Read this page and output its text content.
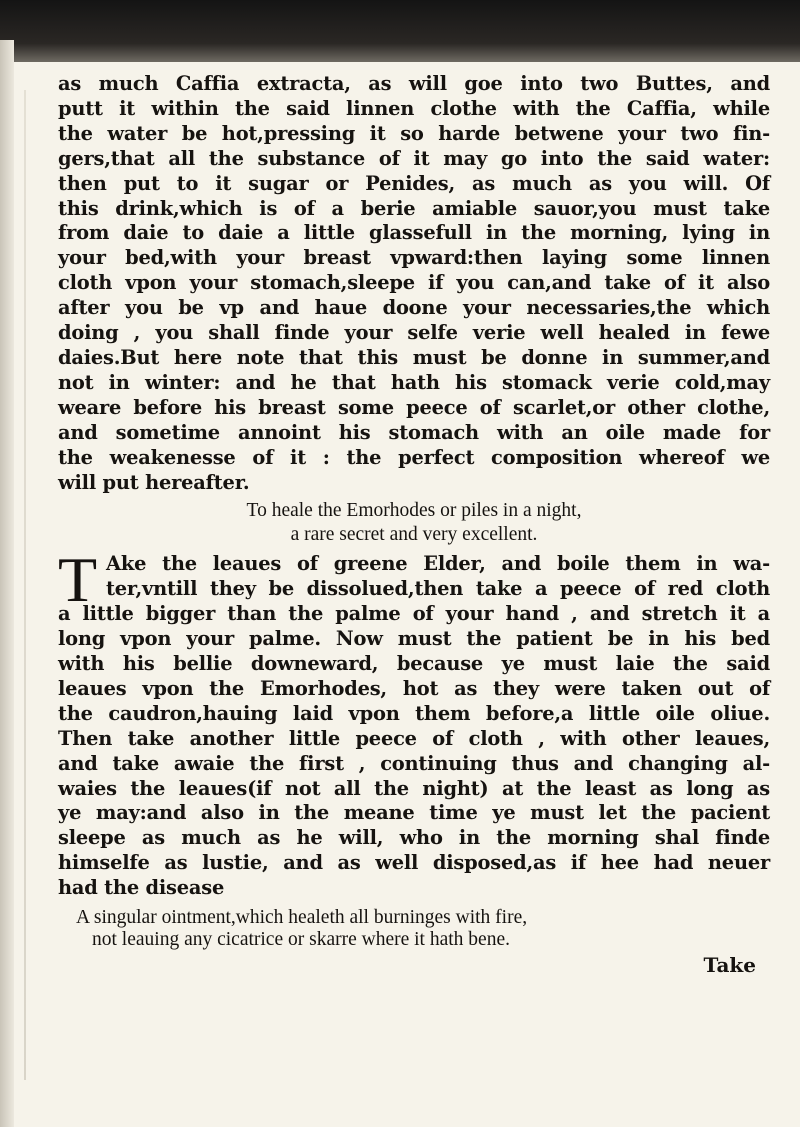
as much Caffia extracta, as will goe into two Buttes, and

putt it within the said linnen clothe with the Caffia, while

the water be hot,pressing it so harde betwene your two fin-

gers,that all the substance of it may go into the said water:

then put to it sugar or Penides, as much as you will. Of

this drink,which is of a berie amiable sauor,you must take

from daie to daie a little glassefull in the morning, lying in

your bed,with your breast vpward:then laying some linnen

cloth vpon your stomach,sleepe if you can,and take of it also

after you be vp and haue doone your necessaries,the which

doing , you shall finde your selfe verie well healed in fewe

daies.But here note that this must be donne in summer,and

not in winter: and he that hath his stomack verie cold,may

weare before his breast some peece of scarlet,or other clothe,

and sometime annoint his stomach with an oile made for

the weakenesse of it : the perfect composition whereof we

will put hereafter.

To heale the Emorhodes or piles in a night,
a rare secret and very excellent.
T Ake the leaues of greene Elder, and boile them in wa-

ter,vntill they be dissolued,then take a peece of red cloth

a little bigger than the palme of your hand , and stretch it a

long vpon your palme. Now must the patient be in his bed

with his bellie downeward, because ye must laie the said

leaues vpon the Emorhodes, hot as they were taken out of

the caudron,hauing laid vpon them before,a little oile oliue.

Then take another little peece of cloth , with other leaues,

and take awaie the first , continuing thus and changing al-

waies the leaues(if not all the night) at the least as long as

ye may:and also in the meane time ye must let the pacient

sleepe as much as he will, who in the morning shal finde

himselfe as lustie, and as well disposed,as if hee had neuer

had the disease

A singular ointment,which healeth all burninges with fire,
not leauing any cicatrice or skarre where it hath bene.
Take
